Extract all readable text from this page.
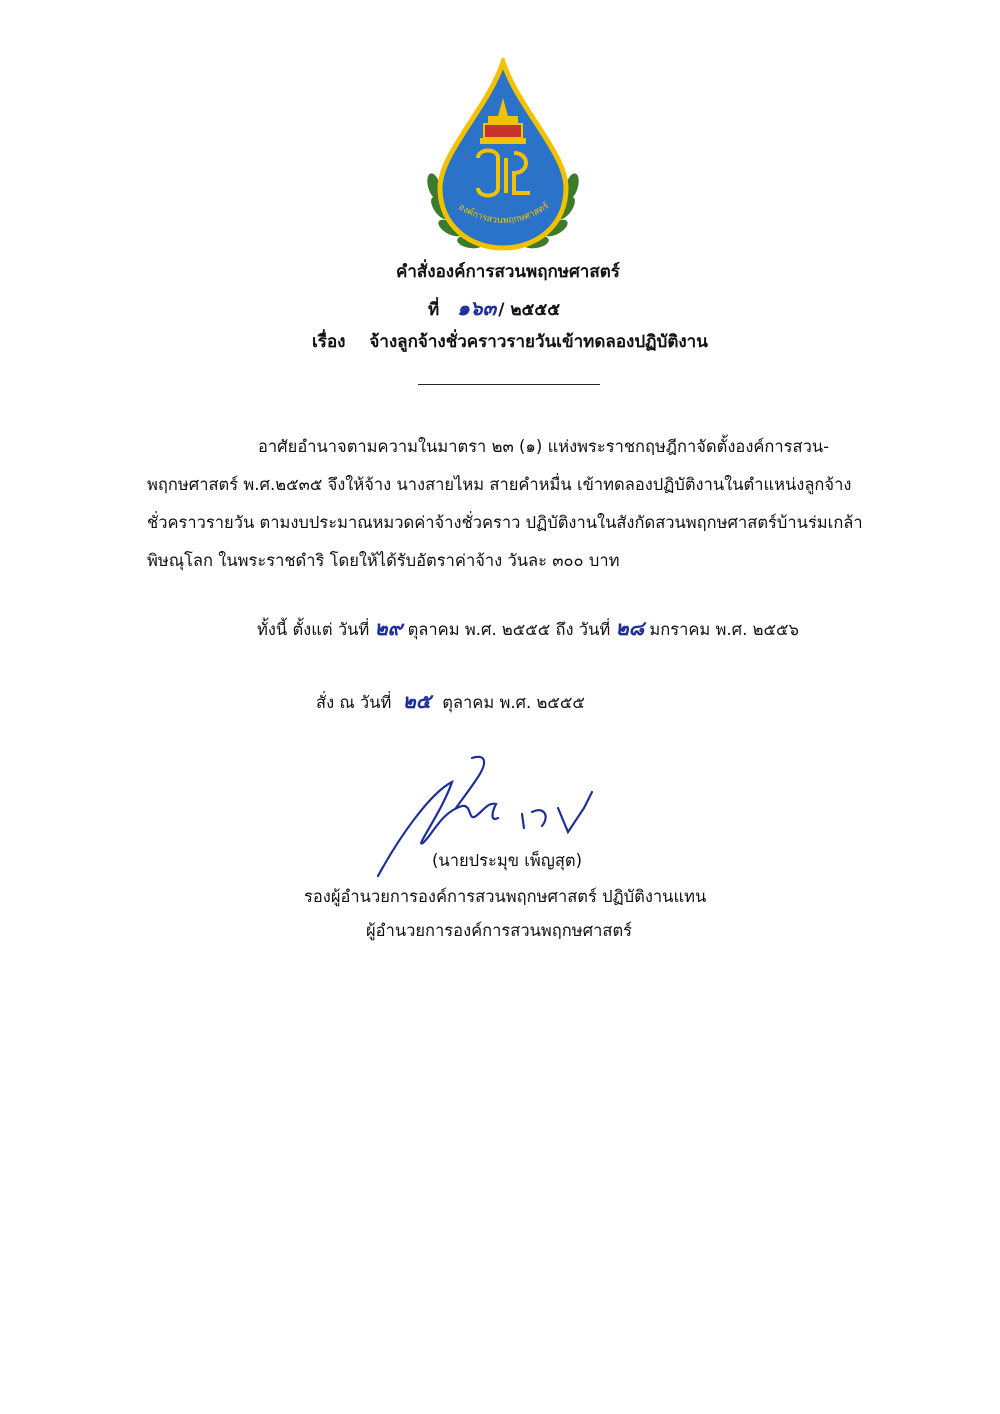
องค์การสวนพฤกษศาสตร์
คำสั่งองค์การสวนพฤกษศาสตร์
ที่ ๑๖๓ / ๒๕๕๕
เรื่อง จ้างลูกจ้างชั่วคราวรายวันเข้าทดลองปฏิบัติงาน
อาศัยอำนาจตามความในมาตรา ๒๓ (๑) แห่งพระราชกฤษฎีกาจัดตั้งองค์การสวน-
พฤกษศาสตร์ พ.ศ.๒๕๓๕ จึงให้จ้าง นางสายไหม สายคำหมื่น เข้าทดลองปฏิบัติงานในตำแหน่งลูกจ้าง
ชั่วคราวรายวัน ตามงบประมาณหมวดค่าจ้างชั่วคราว ปฏิบัติงานในสังกัดสวนพฤกษศาสตร์บ้านร่มเกล้า
พิษณุโลก ในพระราชดำริ โดยให้ได้รับอัตราค่าจ้าง วันละ ๓๐๐ บาท
ทั้งนี้ ตั้งแต่ วันที่ ๒๙ ตุลาคม พ.ศ. ๒๕๕๕ ถึง วันที่ ๒๘ มกราคม พ.ศ. ๒๕๕๖
สั่ง ณ วันที่ ๒๕ ตุลาคม พ.ศ. ๒๕๕๕
(นายประมุข เพ็ญสุต)
รองผู้อำนวยการองค์การสวนพฤกษศาสตร์ ปฏิบัติงานแทน
ผู้อำนวยการองค์การสวนพฤกษศาสตร์
